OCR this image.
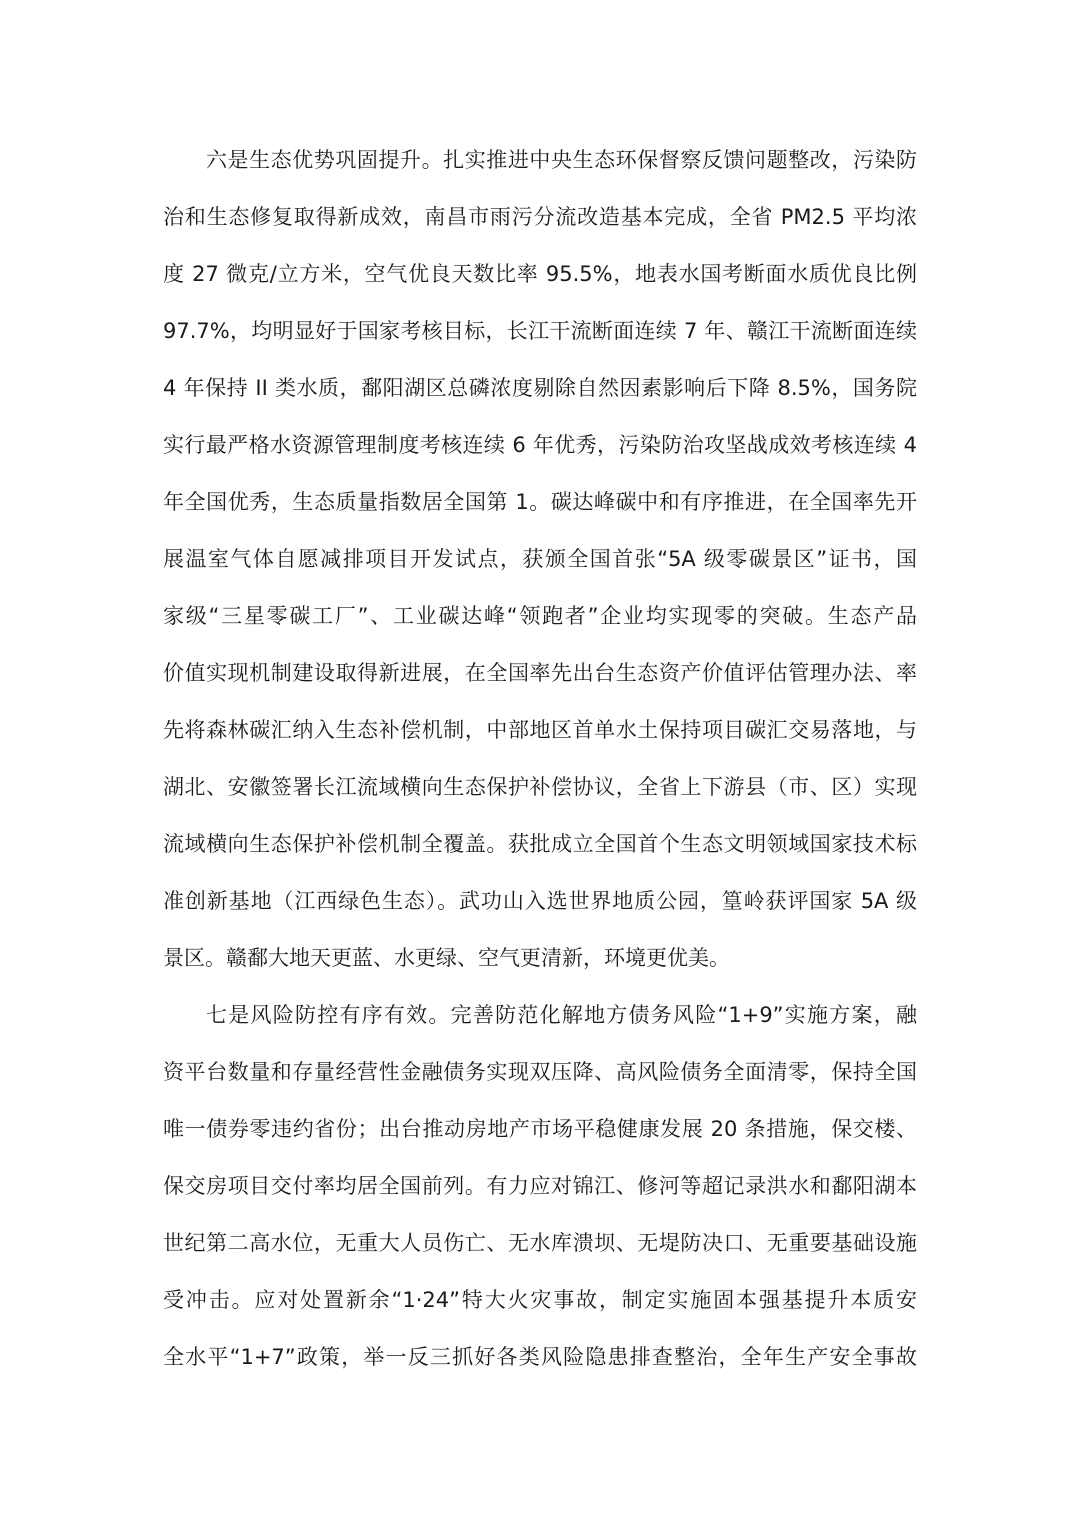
六是生态优势巩固提升。扎实推进中央生态环保督察反馈问题整改，污染防
治和生态修复取得新成效，南昌市雨污分流改造基本完成，全省 PM2.5 平均浓
度 27 微克/立方米，空气优良天数比率 95.5%，地表水国考断面水质优良比例
97.7%，均明显好于国家考核目标，长江干流断面连续 7 年、赣江干流断面连续
4 年保持 II 类水质，鄱阳湖区总磷浓度剔除自然因素影响后下降 8.5%，国务院
实行最严格水资源管理制度考核连续 6 年优秀，污染防治攻坚战成效考核连续 4
年全国优秀，生态质量指数居全国第 1。碳达峰碳中和有序推进，在全国率先开
展温室气体自愿减排项目开发试点，获颁全国首张“5A 级零碳景区”证书，国
家级“三星零碳工厂”、工业碳达峰“领跑者”企业均实现零的突破。生态产品
价值实现机制建设取得新进展，在全国率先出台生态资产价值评估管理办法、率
先将森林碳汇纳入生态补偿机制，中部地区首单水土保持项目碳汇交易落地，与
湖北、安徽签署长江流域横向生态保护补偿协议，全省上下游县（市、区）实现
流域横向生态保护补偿机制全覆盖。获批成立全国首个生态文明领域国家技术标
准创新基地（江西绿色生态）。武功山入选世界地质公园，篁岭获评国家 5A 级
景区。赣鄱大地天更蓝、水更绿、空气更清新，环境更优美。
七是风险防控有序有效。完善防范化解地方债务风险“1+9”实施方案，融
资平台数量和存量经营性金融债务实现双压降、高风险债务全面清零，保持全国
唯一债券零违约省份；出台推动房地产市场平稳健康发展 20 条措施，保交楼、
保交房项目交付率均居全国前列。有力应对锦江、修河等超记录洪水和鄱阳湖本
世纪第二高水位，无重大人员伤亡、无水库溃坝、无堤防决口、无重要基础设施
受冲击。应对处置新余“1·24”特大火灾事故，制定实施固本强基提升本质安
全水平“1+7”政策，举一反三抓好各类风险隐患排查整治，全年生产安全事故
